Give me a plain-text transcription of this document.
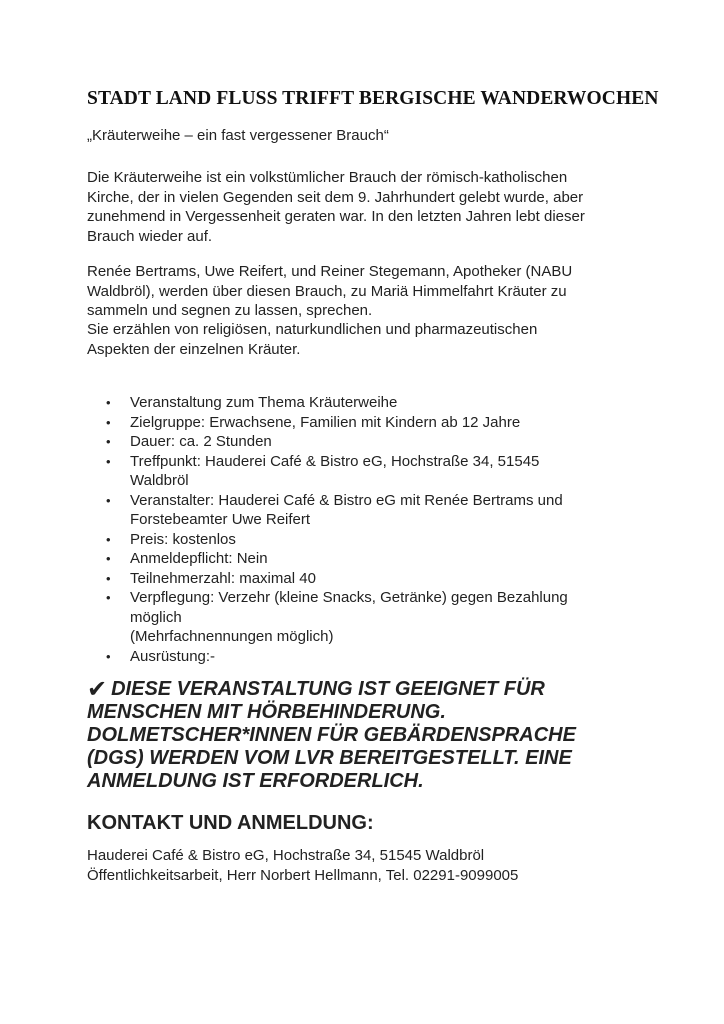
STADT LAND FLUSS TRIFFT BERGISCHE WANDERWOCHEN
„Kräuterweihe – ein fast vergessener Brauch“

Die Kräuterweihe ist ein volkstümlicher Brauch der römisch-katholischen
Kirche, der in vielen Gegenden seit dem 9. Jahrhundert gelebt wurde, aber
zunehmend in Vergessenheit geraten war. In den letzten Jahren lebt dieser
Brauch wieder auf.

Renée Bertrams, Uwe Reifert, und Reiner Stegemann, Apotheker (NABU
Waldbröl), werden über diesen Brauch, zu Mariä Himmelfahrt Kräuter zu
sammeln und segnen zu lassen, sprechen.

Sie erzählen von religiösen, naturkundlichen und pharmazeutischen
Aspekten der einzelnen Kräuter.

• Veranstaltung zum Thema Kräuterweihe
• Zielgruppe: Erwachsene, Familien mit Kindern ab 12 Jahre
• Dauer: ca. 2 Stunden
• Treffpunkt: Hauderei Café & Bistro eG, Hochstraße 34, 51545
Waldbröl
• Veranstalter: Hauderei Café & Bistro eG mit Renée Bertrams und
Forstebeamter Uwe Reifert
• Preis: kostenlos
• Anmeldepflicht: Nein
• Teilnehmerzahl: maximal 40
• Verpflegung: Verzehr (kleine Snacks, Getränke) gegen Bezahlung
möglich
(Mehrfachnennungen möglich)
• Ausrüstung:-
✔ DIESE VERANSTALTUNG IST GEEIGNET FÜR
MENSCHEN MIT HÖRBEHINDERUNG.
DOLMETSCHER*INNEN FÜR GEBÄRDENSPRACHE
(DGS) WERDEN VOM LVR BEREITGESTELLT. EINE
ANMELDUNG IST ERFORDERLICH.
KONTAKT UND ANMELDUNG:
Hauderei Café & Bistro eG, Hochstraße 34, 51545 Waldbröl
Öffentlichkeitsarbeit, Herr Norbert Hellmann, Tel. 02291-9099005
